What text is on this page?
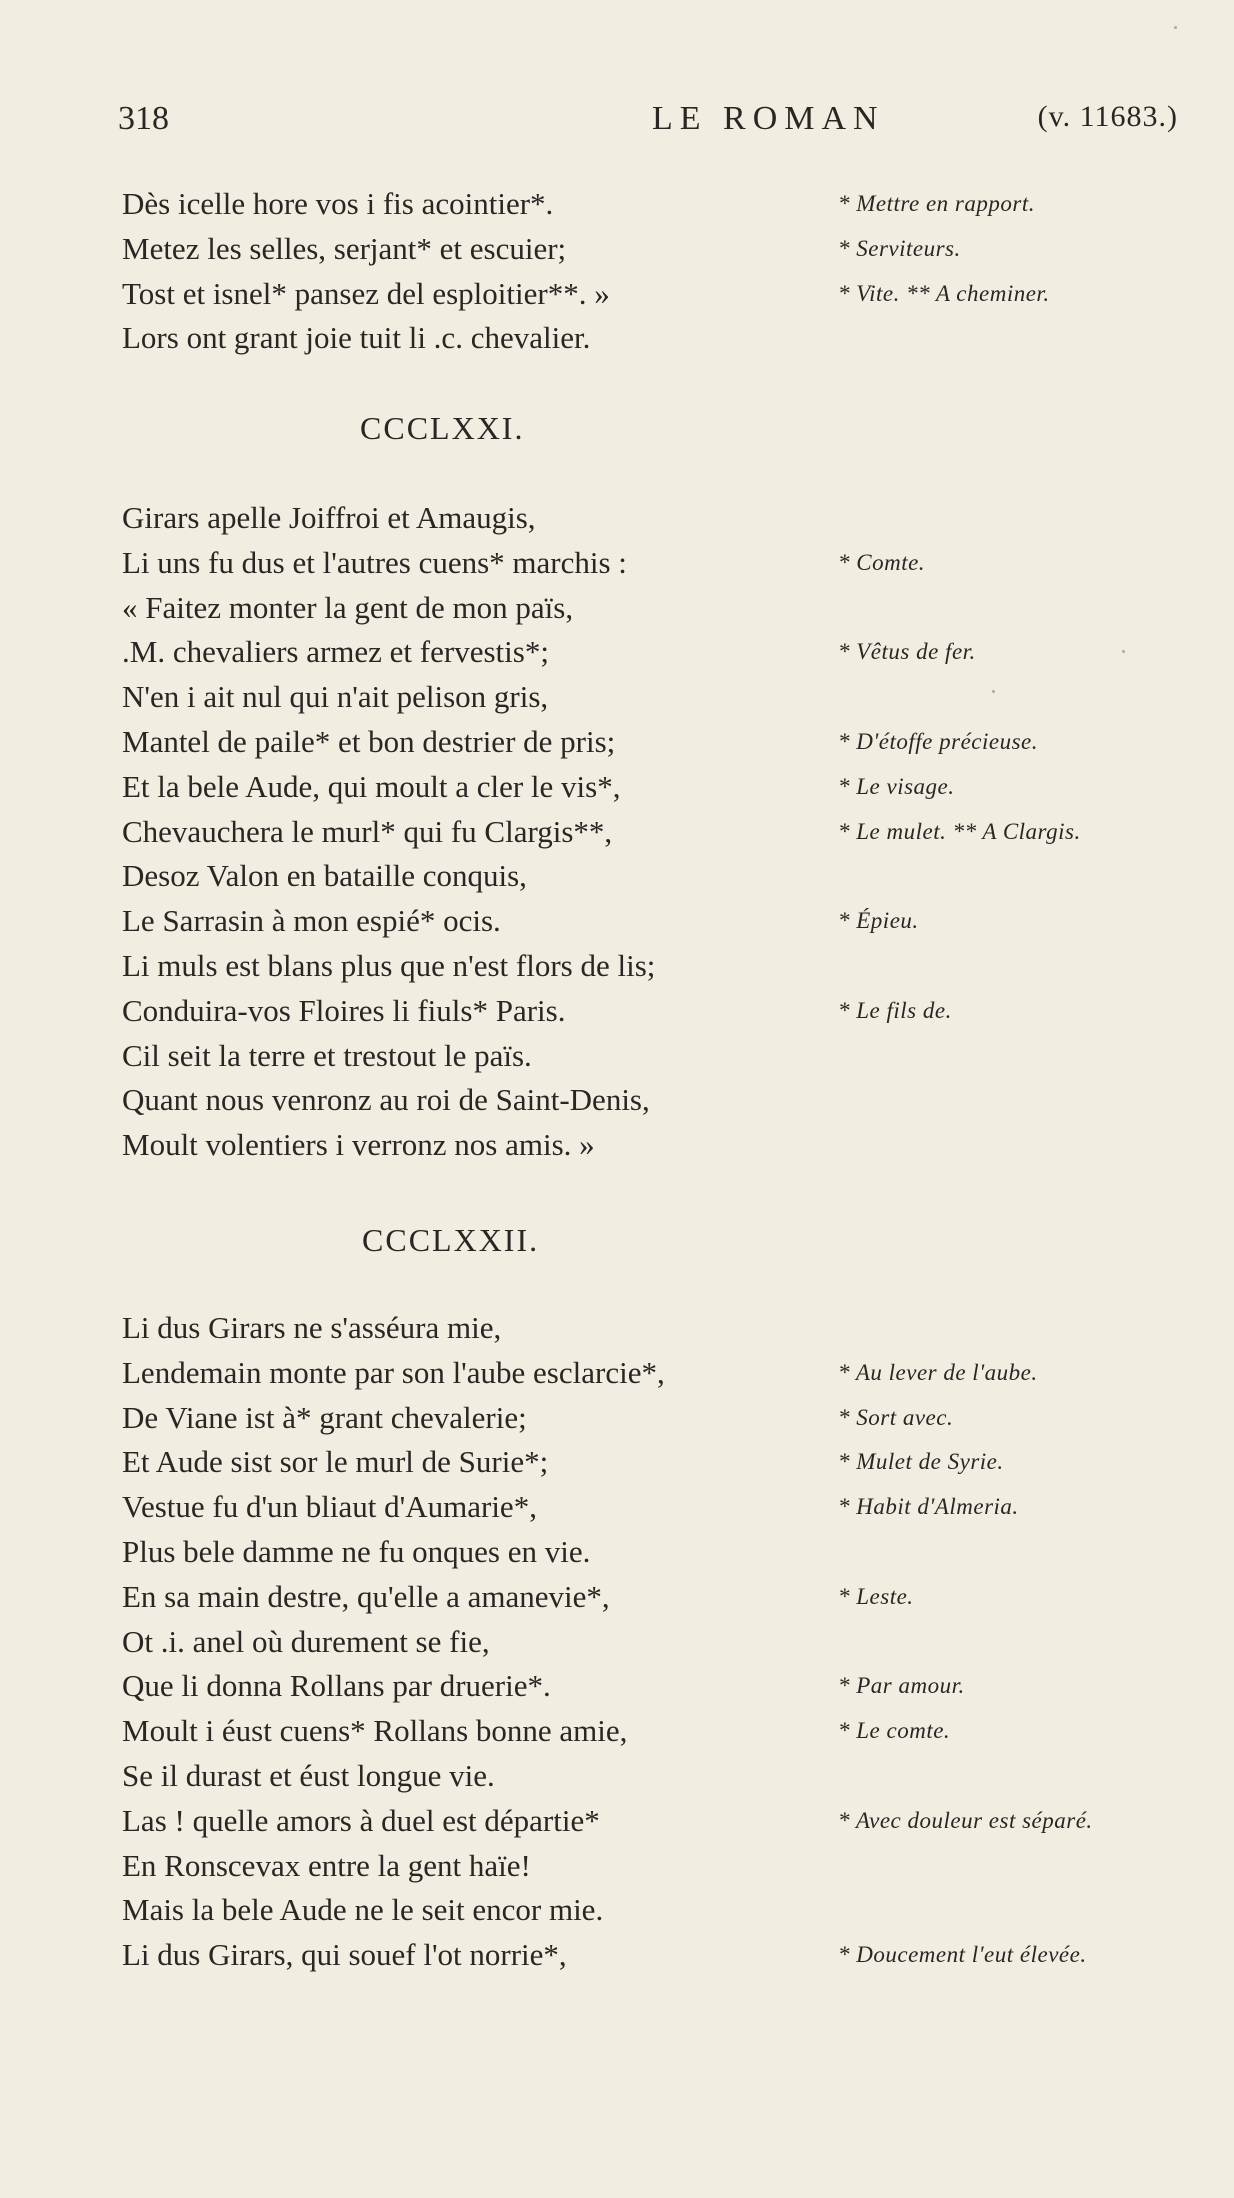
318	LE ROMAN	(v. 11683.)
Dès icelle hore vos i fis acointier*.	* Mettre en rapport.
Metez les selles, serjant* et escuier;	* Serviteurs.
Tost et isnel* pansez del esploitier**. »	* Vite. ** A cheminer.
Lors ont grant joie tuit li .c. chevalier.
CCCLXXI.
Girars apelle Joiffroi et Amaugis,
Li uns fu dus et l'autres cuens* marchis :	* Comte.
« Faitez monter la gent de mon païs,
.M. chevaliers armez et fervestis*;	* Vêtus de fer.
N'en i ait nul qui n'ait pelison gris,
Mantel de paile* et bon destrier de pris;	* D'étoffe précieuse.
Et la bele Aude, qui moult a cler le vis*,	* Le visage.
Chevauchera le murl* qui fu Clargis**,	* Le mulet. ** A Clargis.
Desoz Valon en bataille conquis,
Le Sarrasin à mon espié* ocis.	* Épieu.
Li muls est blans plus que n'est flors de lis;
Conduira-vos Floires li fiuls* Paris.	* Le fils de.
Cil seit la terre et trestout le païs.
Quant nous venronz au roi de Saint-Denis,
Moult volentiers i verronz nos amis. »
CCCLXXII.
Li dus Girars ne s'asséura mie,
Lendemain monte par son l'aube esclarcie*,	* Au lever de l'aube.
De Viane ist à* grant chevalerie;	* Sort avec.
Et Aude sist sor le murl de Surie*;	* Mulet de Syrie.
Vestue fu d'un bliaut d'Aumarie*,	* Habit d'Almeria.
Plus bele damme ne fu onques en vie.
En sa main destre, qu'elle a amanevie*,	* Leste.
Ot .i. anel où durement se fie,
Que li donna Rollans par druerie*.	* Par amour.
Moult i éust cuens* Rollans bonne amie,	* Le comte.
Se il durast et éust longue vie.
Las ! quelle amors à duel est départie*	* Avec douleur est séparé.
En Ronscevax entre la gent haïe!
Mais la bele Aude ne le seit encor mie.
Li dus Girars, qui souef l'ot norrie*,	* Doucement l'eut élevée.
